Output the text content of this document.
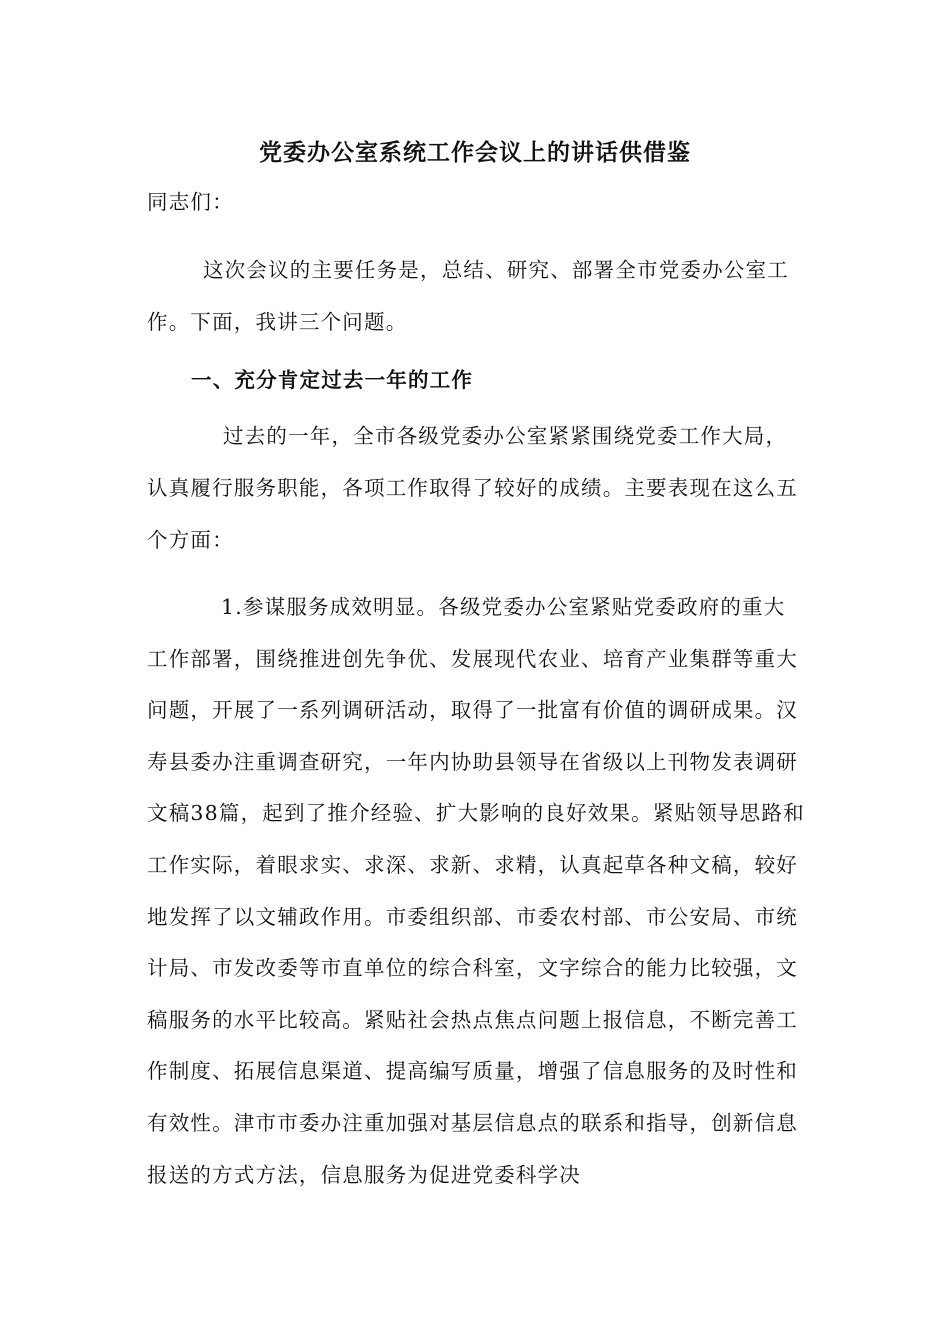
党委办公室系统工作会议上的讲话供借鉴

同志们：

这次会议的主要任务是，总结、研究、部署全市党委办公室工作。下面，我讲三个问题。

一、充分肯定过去一年的工作

过去的一年，全市各级党委办公室紧紧围绕党委工作大局，认真履行服务职能，各项工作取得了较好的成绩。主要表现在这么五个方面：

1.参谋服务成效明显。各级党委办公室紧贴党委政府的重大工作部署，围绕推进创先争优、发展现代农业、培育产业集群等重大问题，开展了一系列调研活动，取得了一批富有价值的调研成果。汉寿县委办注重调查研究，一年内协助县领导在省级以上刊物发表调研文稿38篇，起到了推介经验、扩大影响的良好效果。紧贴领导思路和工作实际，着眼求实、求深、求新、求精，认真起草各种文稿，较好地发挥了以文辅政作用。市委组织部、市委农村部、市公安局、市统计局、市发改委等市直单位的综合科室，文字综合的能力比较强，文稿服务的水平比较高。紧贴社会热点焦点问题上报信息，不断完善工作制度、拓展信息渠道、提高编写质量，增强了信息服务的及时性和有效性。津市市委办注重加强对基层信息点的联系和指导，创新信息报送的方式方法，信息服务为促进党委科学决
